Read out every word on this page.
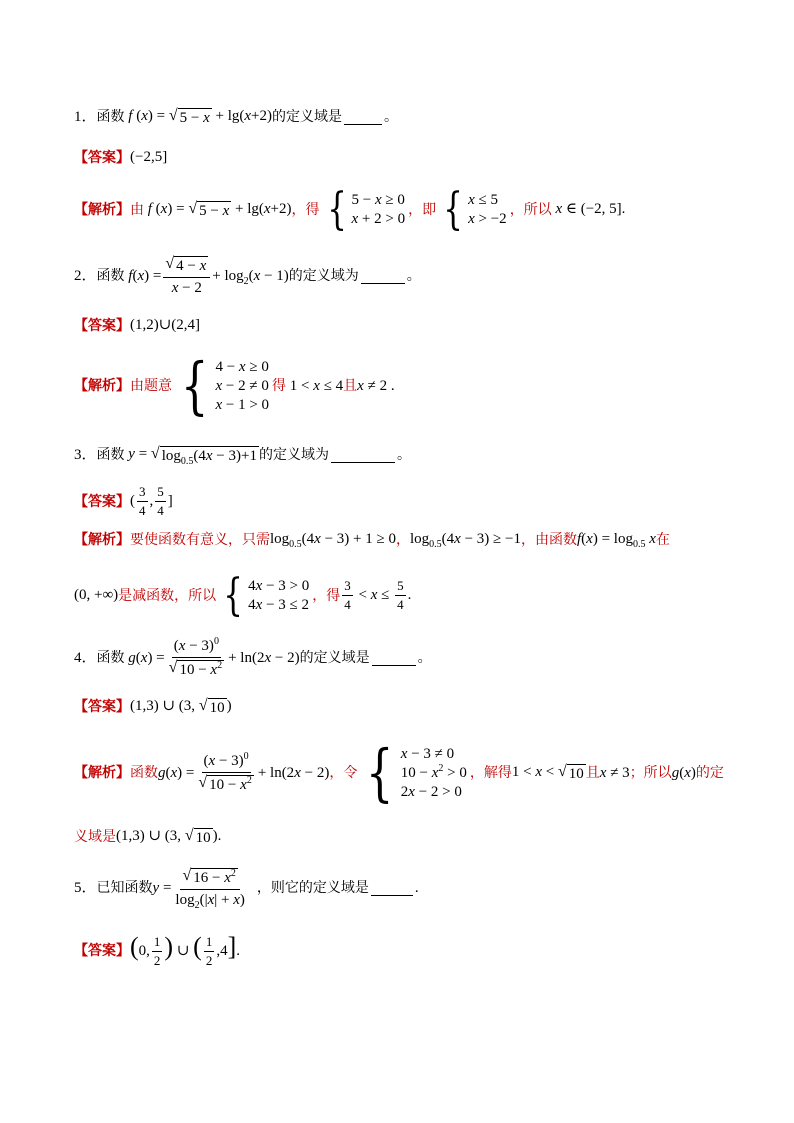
1． 函数 f (x) = √ 5 − x + lg(x+2) 的定义域是	。
【答案】 (−2,5]
【解析】 由 f (x) = √ 5 − x + lg(x+2) ，得 { 5 − x ≥ 0
x + 2 > 0
，即 { x ≤ 5
x > −2
，所以 x ∈ (−2, 5].
2． 函数 $f(x) = \frac{√ 4 - x}{x - 2} + \log_2(x - 1)$ 的定义域为	。
【答案】 (1,2)∪(2,4]
【解析】 由题意 { 4 − x ≥ 0
x − 2 ≠ 0
x − 1 > 0
得 1 < x ≤ 4 且 x ≠ 2 .
3． 函数 y = √ $\log_{0.5}(4x - 3)+1$ 的定义域为	。
【答案】 ( $\frac{3}{4}$ , $\frac{5}{4}$ ]
【解析】 要使函数有意义，只需 $\log_{0.5}(4x - 3) + 1 \ge 0$ ， $\log_{0.5}(4x - 3) \ge -1$ ，由函数 $f(x) = \log_{0.5} x$ 在
(0, +∞) 是减函数，所以 { 4x − 3 > 0
4x − 3 ≤ 2
，得 $\frac{3}{4} < x \le \frac{5}{4}$ .
4． 函数 $g(x) = \frac{(x - 3)^0}{√ 10 - x^2} + \ln(2x - 2)$ 的定义域是	。
【答案】 (1,3) ∪ (3, √ 10 )
【解析】 函数 $g(x) = \frac{(x - 3)^0}{√ 10 - x^2} + \ln(2x - 2)$ ，令 { x − 3 ≠ 0
$10 - x^2 > 0$
2x − 2 > 0
，解得 1 < x < √ 10 且 x ≠ 3 ；所以 g(x) 的定
义域是 (1,3) ∪ (3, √ 10 ).
5． 已知函数 $y = \frac{√ 16 - x^2}{\log_2(|x| + x)}$ ，则它的定义域是	.
【答案】 (0, $\frac{1}{2}$ ) ∪ ( $\frac{1}{2} ,4$].
